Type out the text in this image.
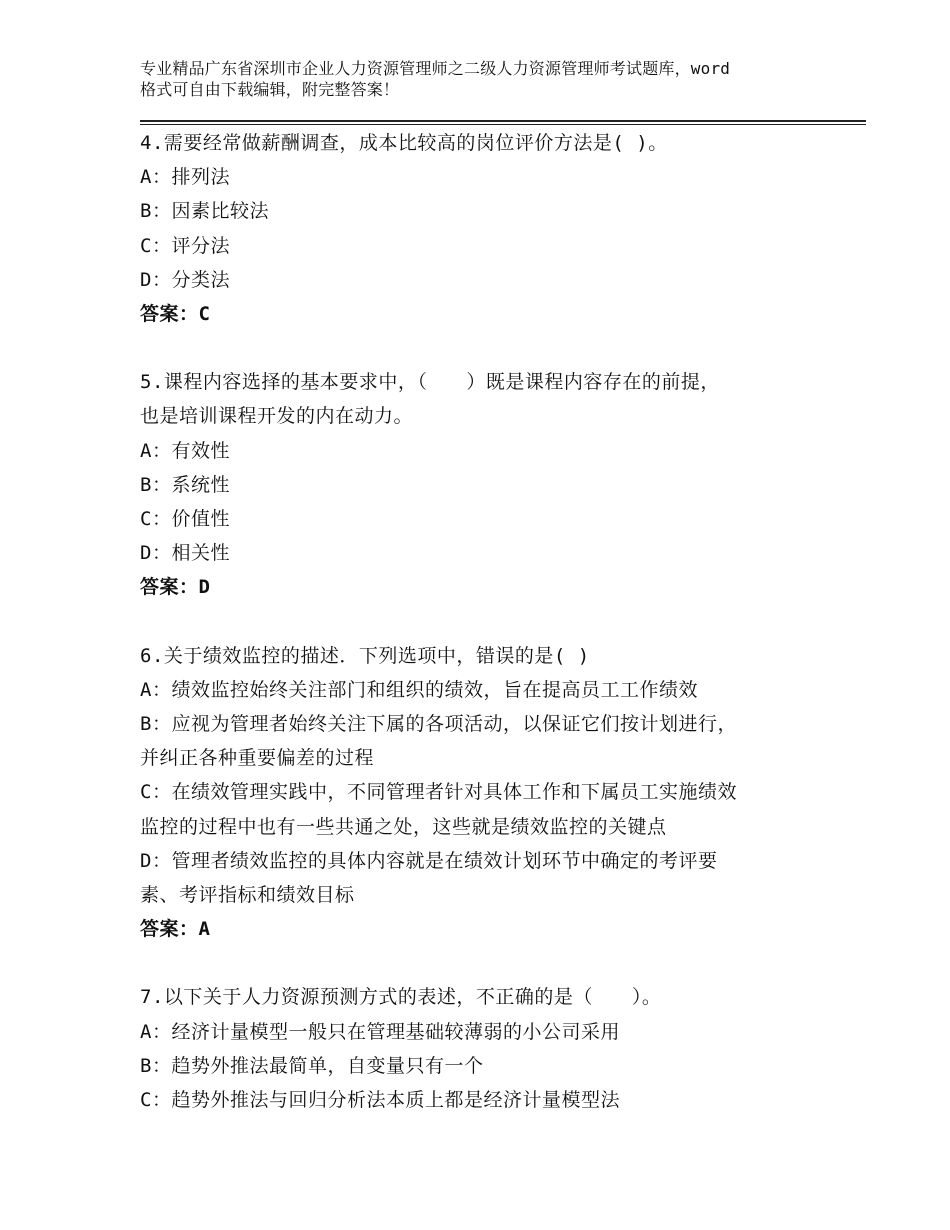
专业精品广东省深圳市企业人力资源管理师之二级人力资源管理师考试题库，word
格式可自由下载编辑，附完整答案！
4.需要经常做薪酬调查，成本比较高的岗位评价方法是( )。
A：排列法
B：因素比较法
C：评分法
D：分类法
答案：C
5.课程内容选择的基本要求中，（　　）既是课程内容存在的前提，
也是培训课程开发的内在动力。
A：有效性
B：系统性
C：价值性
D：相关性
答案：D
6.关于绩效监控的描述．下列选项中，错误的是( )
A：绩效监控始终关注部门和组织的绩效，旨在提高员工工作绩效
B：应视为管理者始终关注下属的各项活动，以保证它们按计划进行，
并纠正各种重要偏差的过程
C：在绩效管理实践中，不同管理者针对具体工作和下属员工实施绩效
监控的过程中也有一些共通之处，这些就是绩效监控的关键点
D：管理者绩效监控的具体内容就是在绩效计划环节中确定的考评要
素、考评指标和绩效目标
答案：A
7.以下关于人力资源预测方式的表述，不正确的是（　　）。
A：经济计量模型一般只在管理基础较薄弱的小公司采用
B：趋势外推法最简单，自变量只有一个
C：趋势外推法与回归分析法本质上都是经济计量模型法
